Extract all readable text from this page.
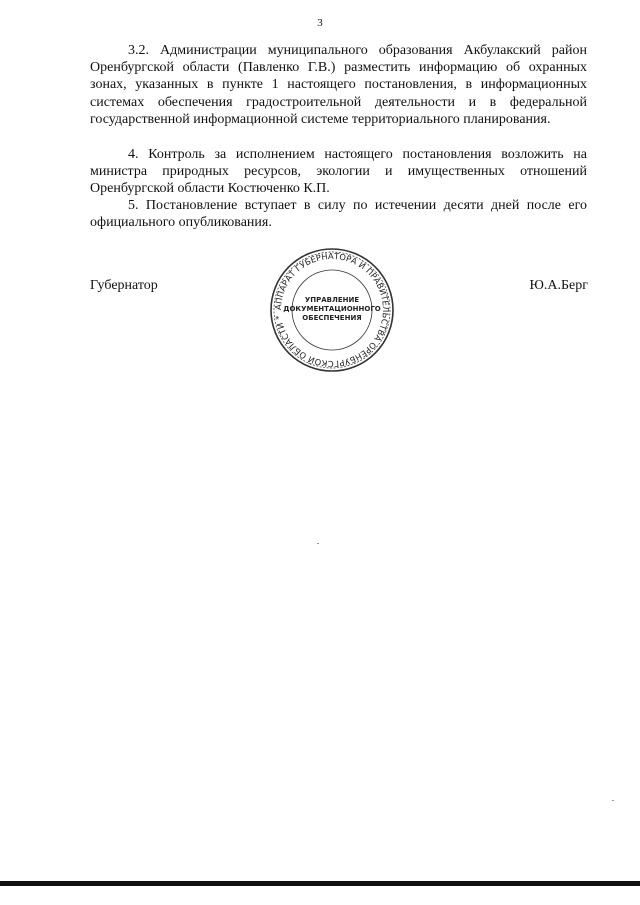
3

3.2. Администрации муниципального образования Акбулакский район Оренбургской области (Павленко Г.В.) разместить информацию об охранных зонах, указанных в пункте 1 настоящего постановления, в информационных системах обеспечения градостроительной деятельности и в федеральной государственной информационной системе территориального планирования.

4. Контроль за исполнением настоящего постановления возложить на министра природных ресурсов, экологии и имущественных отношений Оренбургской области Костюченко К.П.

5. Постановление вступает в силу по истечении десяти дней после его официального опубликования.

Губернатор	Ю.А.Берг

АППАРАТ ГУБЕРНАТОРА И ПРАВИТЕЛЬСТВА ОРЕНБУРГСКОЙ ОБЛАСТИ *
УПРАВЛЕНИЕ
ДОКУМЕНТАЦИОННОГО
ОБЕСПЕЧЕНИЯ
